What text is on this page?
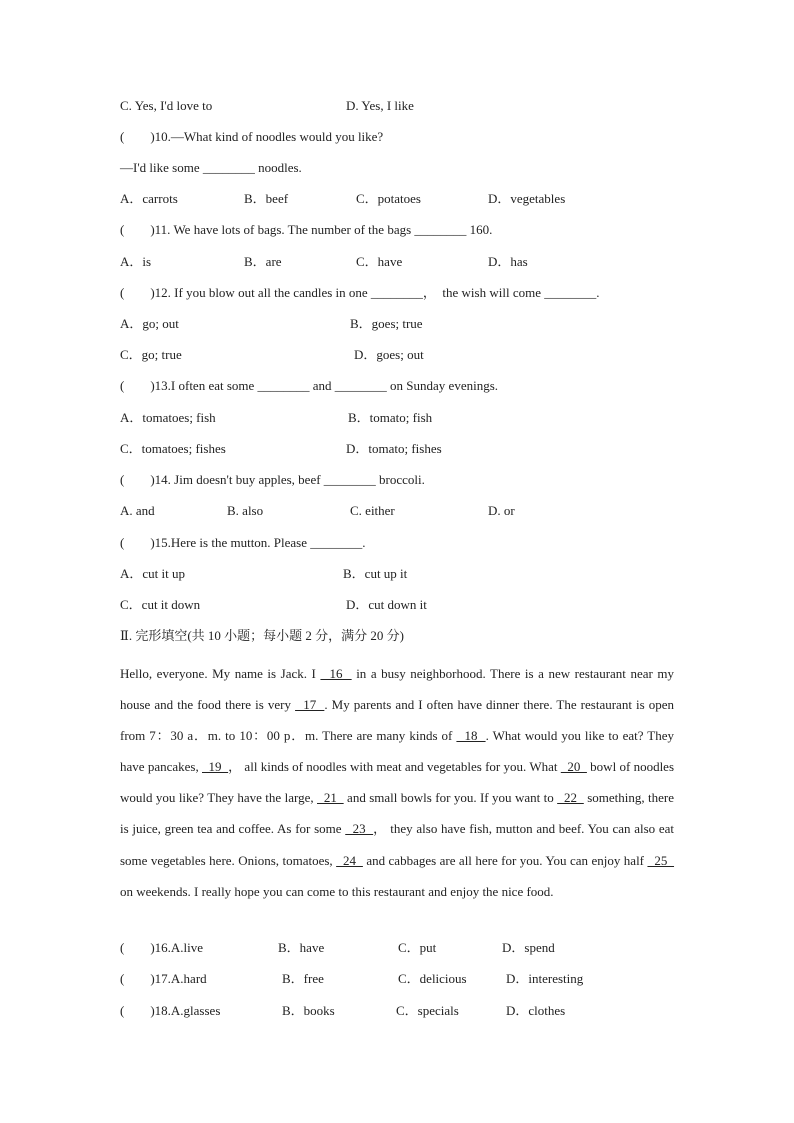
C. Yes, I'd love to	D. Yes, I like
(        )10.—What kind of noodles would you like?
—I'd like some ________ noodles.
A．carrots	B．beef	C．potatoes	D．vegetables
(        )11. We have lots of bags. The number of the bags ________ 160.
A．is	B．are	C．have	D．has
(        )12. If you blow out all the candles in one ________，  the wish will come ________.
A．go; out	B．goes; true
C．go; true	D．goes; out
(        )13.I often eat some ________ and ________ on Sunday evenings.
A．tomatoes; fish	B．tomato; fish
C．tomatoes; fishes	D．tomato; fishes
(        )14. Jim doesn't buy apples, beef ________ broccoli.
A. and	B. also	C. either	D. or
(        )15.Here is the mutton. Please ________.
A．cut it up	B．cut up it
C．cut it down	D．cut down it
Ⅱ. 完形填空(共 10 小题；每小题 2 分，满分 20 分)

Hello, everyone. My name is Jack. I   16   in a busy neighborhood. There is a new restaurant near my house and the food there is very   17  . My parents and I often have dinner there. The restaurant is open from 7：30 a．m. to 10：00 p．m. There are many kinds of   18  . What would you like to eat? They have pancakes,   19  ， all kinds of noodles with meat and vegetables for you. What   20   bowl of noodles would you like? They have the large,   21   and small bowls for you. If you want to   22   something, there is juice, green tea and coffee. As for some   23  ， they also have fish, mutton and beef. You can also eat some vegetables here. Onions, tomatoes,   24   and cabbages are all here for you. You can enjoy half   25   on weekends. I really hope you can come to this restaurant and enjoy the nice food.

(        )16.A.live	B．have	C．put	D．spend
(        )17.A.hard	B．free	C．delicious	D．interesting
(        )18.A.glasses	B．books	C．specials	D．clothes
